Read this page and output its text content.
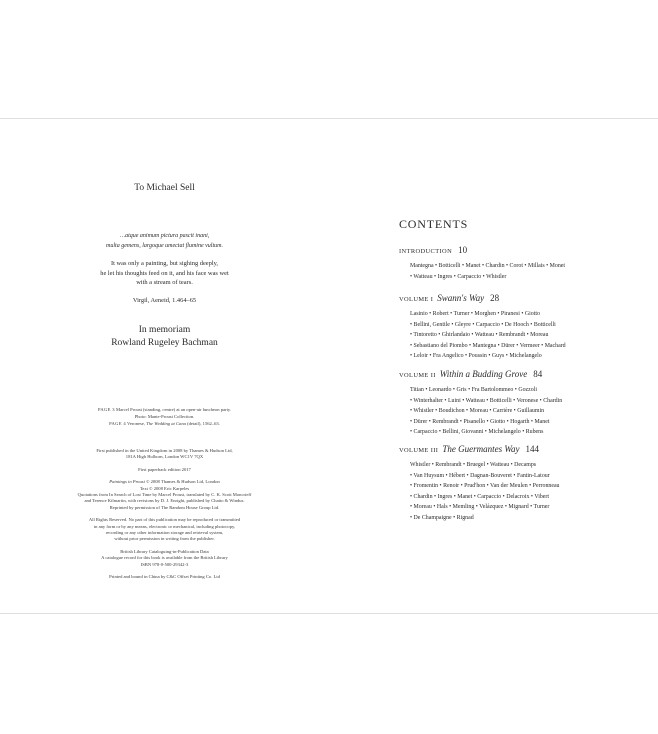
To Michael Sell
…atque animum pictura pascit inani,
multa gemens, largoque umectat flumine vultum.
It was only a painting, but sighing deeply,
he let his thoughts feed on it, and his face was wet
with a stream of tears.
Virgil, Aeneid, 1.464–65
In memoriam
Rowland Rugeley Bachman
PAGE 3 Marcel Proust (standing, centre) at an open-air luncheon party.
Photo: Mante-Proust Collection.
PAGE 4 Veronese, The Wedding at Cana (detail), 1562–63.
First published in the United Kingdom in 2008 by Thames & Hudson Ltd,
181A High Holborn, London WC1V 7QX
First paperback edition 2017
Paintings in Proust © 2008 Thames & Hudson Ltd, London
Text © 2008 Eric Karpeles
Quotations from In Search of Lost Time by Marcel Proust, translated by C. K. Scott Moncrieff
and Terence Kilmartin, with revisions by D. J. Enright, published by Chatto & Windus.
Reprinted by permission of The Random House Group Ltd.
All Rights Reserved. No part of this publication may be reproduced or transmitted
in any form or by any means, electronic or mechanical, including photocopy,
recording or any other information storage and retrieval system,
without prior permission in writing from the publisher.
British Library Cataloguing-in-Publication Data
A catalogue record for this book is available from the British Library
ISBN 978-0-500-29342-3
Printed and bound in China by C&C Offset Printing Co. Ltd
CONTENTS
INTRODUCTION 10
Mantegna • Botticelli • Manet • Chardin • Corot • Millais • Monet
• Watteau • Ingres • Carpaccio • Whistler
VOLUME I Swann's Way 28
Lasinio • Robert • Turner • Morghen • Piranesi • Giotto
• Bellini, Gentile • Gleyre • Carpaccio • De Hooch • Botticelli
• Tintoretto • Ghirlandaio • Watteau • Rembrandt • Moreau
• Sebastiano del Piombo • Mantegna • Dürer • Vermeer • Machard
• Leloir • Fra Angelico • Poussin • Guys • Michelangelo
VOLUME II Within a Budding Grove 84
Titian • Leonardo • Gris • Fra Bartolommeo • Gozzoli
• Winterhalter • Luini • Watteau • Botticelli • Veronese • Chardin
• Whistler • Boudichon • Moreau • Carrière • Guillaumin
• Dürer • Rembrandt • Pisanello • Giotto • Hogarth • Manet
• Carpaccio • Bellini, Giovanni • Michelangelo • Rubens
VOLUME III The Guermantes Way 144
Whistler • Rembrandt • Bruegel • Watteau • Decamps
• Van Huysum • Hébert • Dagnan-Bouveret • Fantin-Latour
• Fromentin • Renoir • Prud'hon • Van der Meulen • Perronneau
• Chardin • Ingres • Manet • Carpaccio • Delacroix • Vibert
• Moreau • Hals • Memling • Velázquez • Mignard • Turner
• De Champaigne • Rignad
